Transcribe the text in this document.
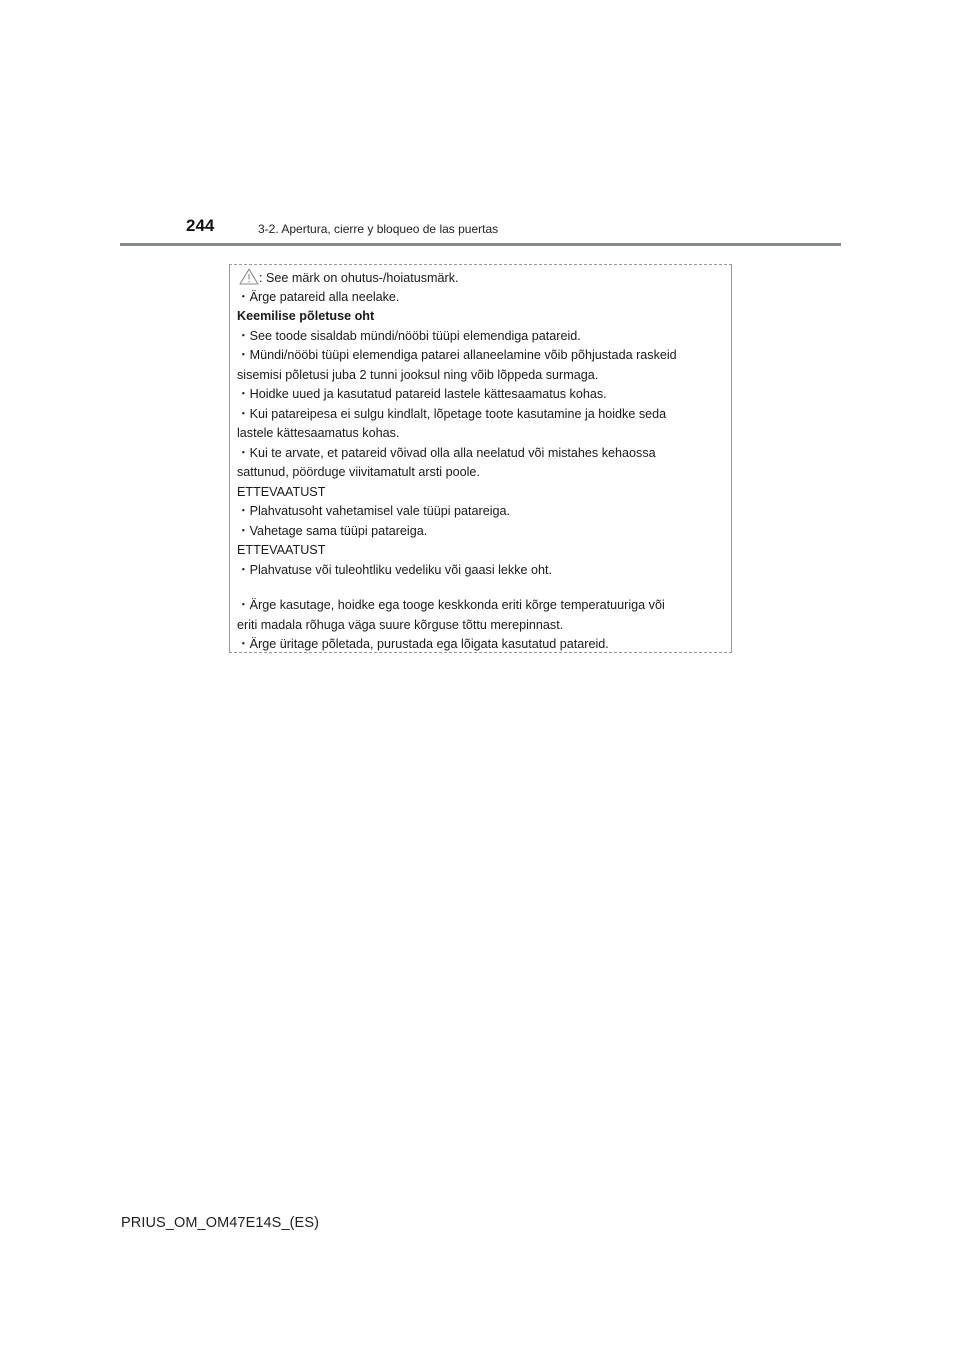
244	3-2. Apertura, cierre y bloqueo de las puertas
: See märk on ohutus-/hoiatusmärk.
・Ärge patareid alla neelake.
Keemilise põletuse oht
・See toode sisaldab mündi/nööbi tüüpi elemendiga patareid.
・Mündi/nööbi tüüpi elemendiga patarei allaneelamine võib põhjustada raskeid
sisemisi põletusi juba 2 tunni jooksul ning võib lõppeda surmaga.
・Hoidke uued ja kasutatud patareid lastele kättesaamatus kohas.
・Kui patareipesa ei sulgu kindlalt, lõpetage toote kasutamine ja hoidke seda
lastele kättesaamatus kohas.
・Kui te arvate, et patareid võivad olla alla neelatud või mistahes kehaossa
sattunud, pöörduge viivitamatult arsti poole.
ETTEVAATUST
・Plahvatusoht vahetamisel vale tüüpi patareiga.
・Vahetage sama tüüpi patareiga.
ETTEVAATUST
・Plahvatuse või tuleohtliku vedeliku või gaasi lekke oht.
・Ärge kasutage, hoidke ega tooge keskkonda eriti kõrge temperatuuriga või
eriti madala rõhuga väga suure kõrguse tõttu merepinnast.
・Ärge üritage põletada, purustada ega lõigata kasutatud patareid.
PRIUS_OM_OM47E14S_(ES)
